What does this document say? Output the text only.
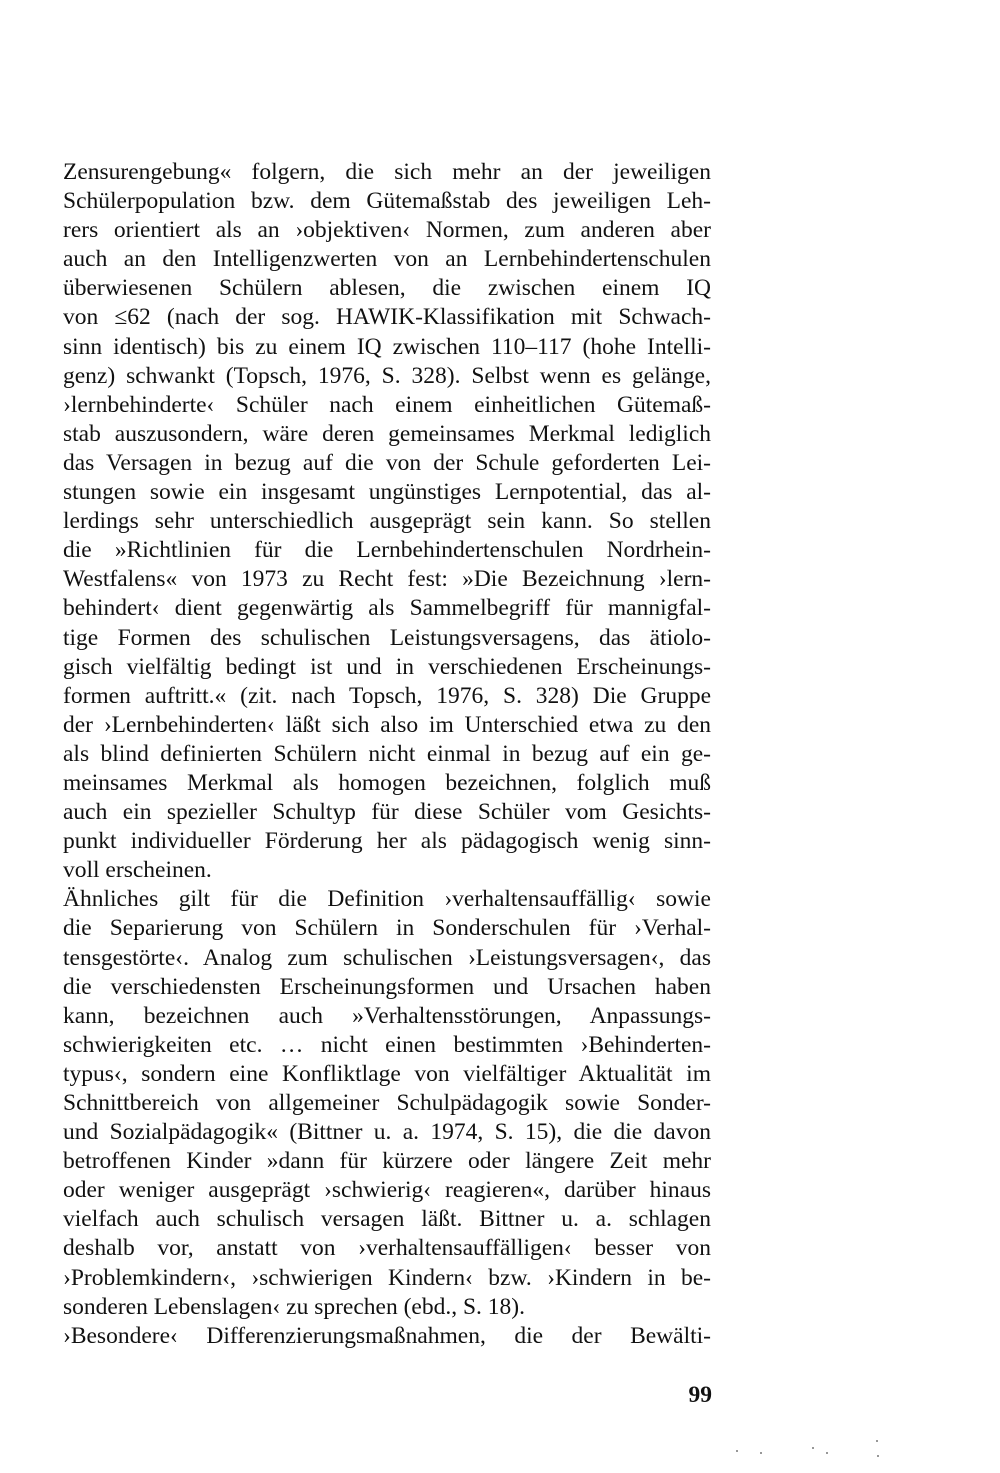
Zensurengebung« folgern, die sich mehr an der jeweiligen
Schülerpopulation bzw. dem Gütemaßstab des jeweiligen Leh-
rers orientiert als an ›objektiven‹ Normen, zum anderen aber
auch an den Intelligenzwerten von an Lernbehindertenschulen
überwiesenen Schülern ablesen, die zwischen einem IQ
von ≤62 (nach der sog. HAWIK-Klassifikation mit Schwach-
sinn identisch) bis zu einem IQ zwischen 110–117 (hohe Intelli-
genz) schwankt (Topsch, 1976, S. 328). Selbst wenn es gelänge,
›lernbehinderte‹ Schüler nach einem einheitlichen Gütemaß-
stab auszusondern, wäre deren gemeinsames Merkmal lediglich
das Versagen in bezug auf die von der Schule geforderten Lei-
stungen sowie ein insgesamt ungünstiges Lernpotential, das al-
lerdings sehr unterschiedlich ausgeprägt sein kann. So stellen
die »Richtlinien für die Lernbehindertenschulen Nordrhein-
Westfalens« von 1973 zu Recht fest: »Die Bezeichnung ›lern-
behindert‹ dient gegenwärtig als Sammelbegriff für mannigfal-
tige Formen des schulischen Leistungsversagens, das ätiolo-
gisch vielfältig bedingt ist und in verschiedenen Erscheinungs-
formen auftritt.« (zit. nach Topsch, 1976, S. 328) Die Gruppe
der ›Lernbehinderten‹ läßt sich also im Unterschied etwa zu den
als blind definierten Schülern nicht einmal in bezug auf ein ge-
meinsames Merkmal als homogen bezeichnen, folglich muß
auch ein spezieller Schultyp für diese Schüler vom Gesichts-
punkt individueller Förderung her als pädagogisch wenig sinn-
voll erscheinen.
Ähnliches gilt für die Definition ›verhaltensauffällig‹ sowie
die Separierung von Schülern in Sonderschulen für ›Verhal-
tensgestörte‹. Analog zum schulischen ›Leistungsversagen‹, das
die verschiedensten Erscheinungsformen und Ursachen haben
kann, bezeichnen auch »Verhaltensstörungen, Anpassungs-
schwierigkeiten etc. … nicht einen bestimmten ›Behinderten-
typus‹, sondern eine Konfliktlage von vielfältiger Aktualität im
Schnittbereich von allgemeiner Schulpädagogik sowie Sonder-
und Sozialpädagogik« (Bittner u. a. 1974, S. 15), die die davon
betroffenen Kinder »dann für kürzere oder längere Zeit mehr
oder weniger ausgeprägt ›schwierig‹ reagieren«, darüber hinaus
vielfach auch schulisch versagen läßt. Bittner u. a. schlagen
deshalb vor, anstatt von ›verhaltensauffälligen‹ besser von
›Problemkindern‹, ›schwierigen Kindern‹ bzw. ›Kindern in be-
sonderen Lebenslagen‹ zu sprechen (ebd., S. 18).
›Besondere‹ Differenzierungsmaßnahmen, die der Bewälti-
99
